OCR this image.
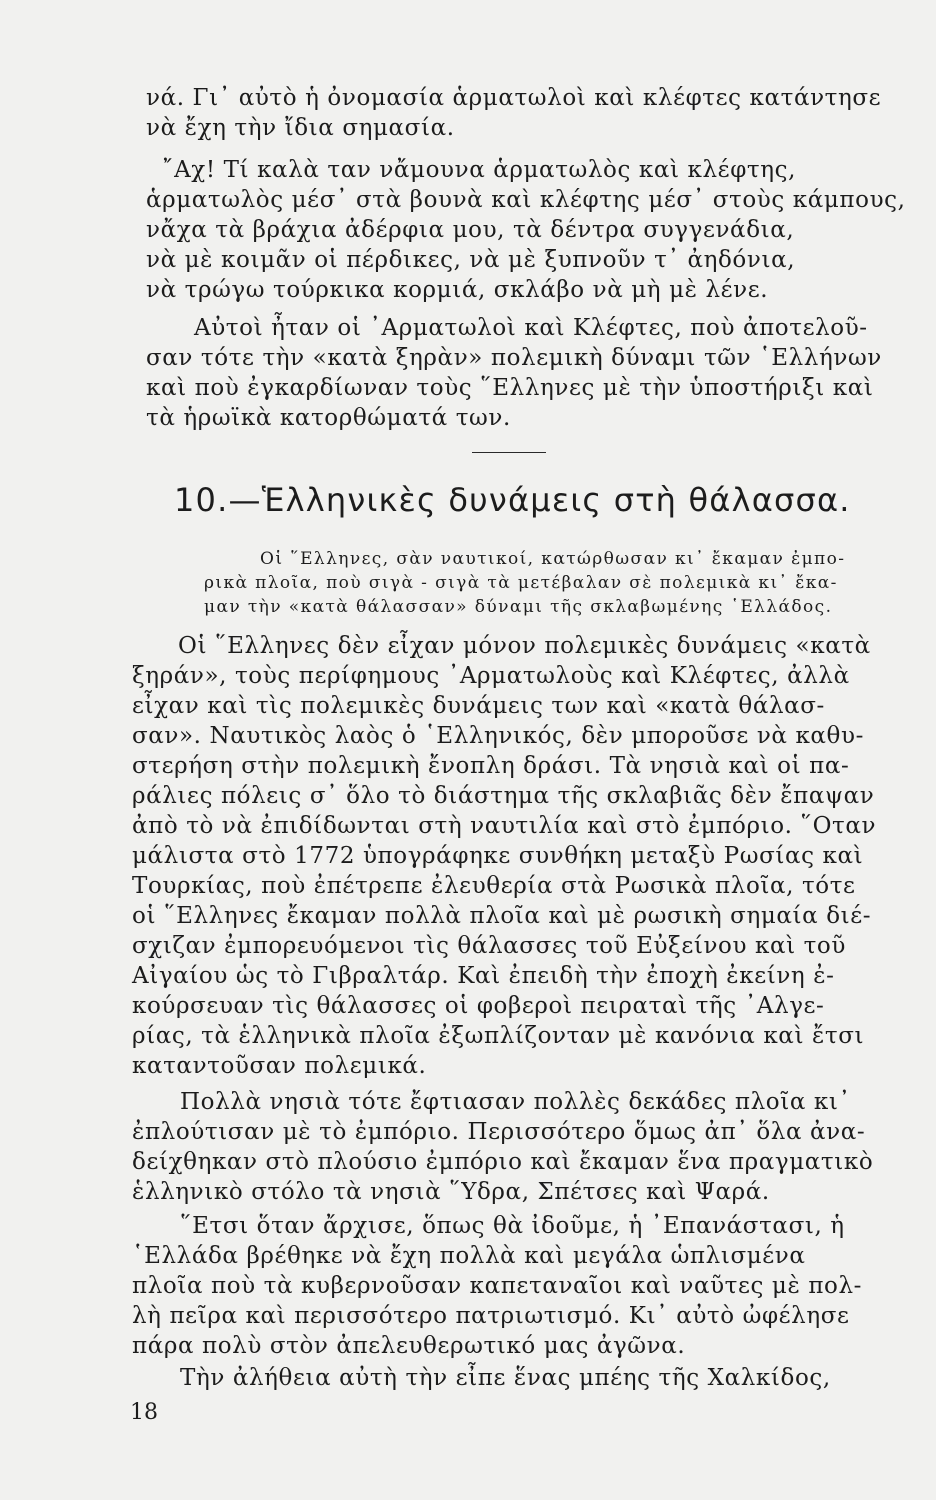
νά. Γι᾽ αὐτὸ ἡ ὀνομασία ἁρματωλοὶ καὶ κλέφτες κατάντησε
νὰ ἔχη τὴν ἴδια σημασία.
῎Αχ! Τί καλὰ ταν νἄμουνα ἁρματωλὸς καὶ κλέφτης,
ἁρματωλὸς μέσ᾽ στὰ βουνὰ καὶ κλέφτης μέσ᾽ στοὺς κάμπους,
νἄχα τὰ βράχια ἀδέρφια μου, τὰ δέντρα συγγενάδια,
νὰ μὲ κοιμᾶν οἱ πέρδικες, νὰ μὲ ξυπνοῦν τ᾽ ἀηδόνια,
νὰ τρώγω τούρκικα κορμιά, σκλάβο νὰ μὴ μὲ λένε.
Αὐτοὶ ἦταν οἱ ᾽Αρματωλοὶ καὶ Κλέφτες, ποὺ ἀποτελοῦ-
σαν τότε τὴν «κατὰ ξηρὰν» πολεμικὴ δύναμι τῶν ῾Ελλήνων
καὶ ποὺ ἐγκαρδίωναν τοὺς ῞Ελληνες μὲ τὴν ὑποστήριξι καὶ
τὰ ἡρωϊκὰ κατορθώματά των.
10.—Ἑλληνικὲς δυνάμεις στὴ θάλασσα.
Οἱ ῞Ελληνες, σὰν ναυτικοί, κατώρθωσαν κι᾽ ἔκαμαν ἐμπο-
ρικὰ πλοῖα, ποὺ σιγὰ - σιγὰ τὰ μετέβαλαν σὲ πολεμικὰ κι᾽ ἔκα-
μαν τὴν «κατὰ θάλασσαν» δύναμι τῆς σκλαβωμένης ῾Ελλάδος.
Οἱ ῞Ελληνες δὲν εἶχαν μόνον πολεμικὲς δυνάμεις «κατὰ
ξηράν», τοὺς περίφημους ᾽Αρματωλοὺς καὶ Κλέφτες, ἀλλὰ
εἶχαν καὶ τὶς πολεμικὲς δυνάμεις των καὶ «κατὰ θάλασ-
σαν». Ναυτικὸς λαὸς ὁ ῾Ελληνικός, δὲν μποροῦσε νὰ καθυ-
στερήση στὴν πολεμικὴ ἔνοπλη δράσι. Τὰ νησιὰ καὶ οἱ πα-
ράλιες πόλεις σ᾽ ὅλο τὸ διάστημα τῆς σκλαβιᾶς δὲν ἔπαψαν
ἀπὸ τὸ νὰ ἐπιδίδωνται στὴ ναυτιλία καὶ στὸ ἐμπόριο. ῞Οταν
μάλιστα στὸ 1772 ὑπογράφηκε συνθήκη μεταξὺ Ρωσίας καὶ
Τουρκίας, ποὺ ἐπέτρεπε ἐλευθερία στὰ Ρωσικὰ πλοῖα, τότε
οἱ ῞Ελληνες ἔκαμαν πολλὰ πλοῖα καὶ μὲ ρωσικὴ σημαία διέ-
σχιζαν ἐμπορευόμενοι τὶς θάλασσες τοῦ Εὐξείνου καὶ τοῦ
Αἰγαίου ὡς τὸ Γιβραλτάρ. Καὶ ἐπειδὴ τὴν ἐποχὴ ἐκείνη ἐ-
κούρσευαν τὶς θάλασσες οἱ φοβεροὶ πειραταὶ τῆς ᾽Αλγε-
ρίας, τὰ ἑλληνικὰ πλοῖα ἐξωπλίζονταν μὲ κανόνια καὶ ἔτσι
καταντοῦσαν πολεμικά.
Πολλὰ νησιὰ τότε ἔφτιασαν πολλὲς δεκάδες πλοῖα κι᾽
ἐπλούτισαν μὲ τὸ ἐμπόριο. Περισσότερο ὅμως ἀπ᾽ ὅλα ἀνα-
δείχθηκαν στὸ πλούσιο ἐμπόριο καὶ ἔκαμαν ἕνα πραγματικὸ
ἑλληνικὸ στόλο τὰ νησιὰ ῞Υδρα, Σπέτσες καὶ Ψαρά.
῞Ετσι ὅταν ἄρχισε, ὅπως θὰ ἰδοῦμε, ἡ ᾽Επανάστασι, ἡ
῾Ελλάδα βρέθηκε νὰ ἔχη πολλὰ καὶ μεγάλα ὡπλισμένα
πλοῖα ποὺ τὰ κυβερνοῦσαν καπεταναῖοι καὶ ναῦτες μὲ πολ-
λὴ πεῖρα καὶ περισσότερο πατριωτισμό. Κι᾽ αὐτὸ ὠφέλησε
πάρα πολὺ στὸν ἀπελευθερωτικό μας ἀγῶνα.
Τὴν ἀλήθεια αὐτὴ τὴν εἶπε ἕνας μπέης τῆς Χαλκίδος,
18
